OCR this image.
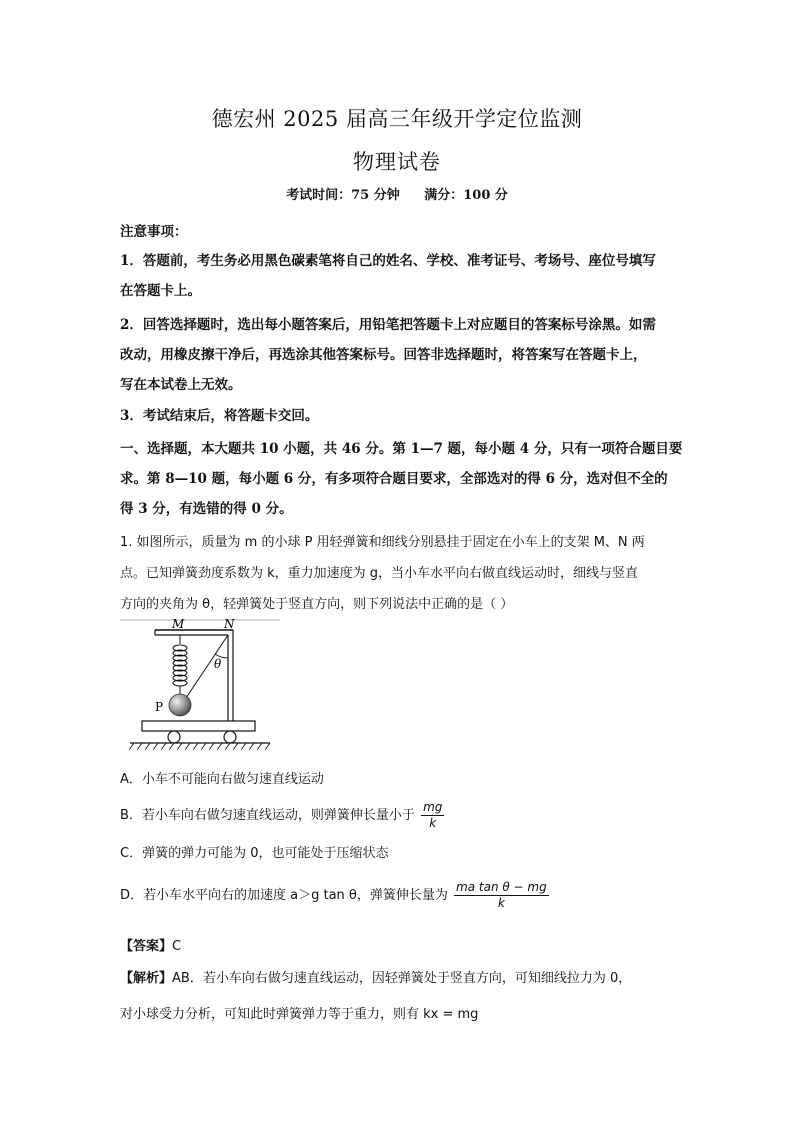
德宏州 2025 届高三年级开学定位监测
物理试卷
考试时间：75 分钟 满分：100 分
注意事项：
1．答题前，考生务必用黑色碳素笔将自己的姓名、学校、准考证号、考场号、座位号填写
在答题卡上。
2．回答选择题时，选出每小题答案后，用铅笔把答题卡上对应题目的答案标号涂黑。如需
改动，用橡皮擦干净后，再选涂其他答案标号。回答非选择题时，将答案写在答题卡上，
写在本试卷上无效。
3．考试结束后，将答题卡交回。
一、选择题，本大题共 10 小题，共 46 分。第 1—7 题，每小题 4 分，只有一项符合题目要
求。第 8—10 题，每小题 6 分，有多项符合题目要求，全部选对的得 6 分，选对但不全的
得 3 分，有选错的得 0 分。
1. 如图所示，质量为 m 的小球 P 用轻弹簧和细线分别悬挂于固定在小车上的支架 M、N 两
点。已知弹簧劲度系数为 k，重力加速度为 g，当小车水平向右做直线运动时，细线与竖直
方向的夹角为 θ，轻弹簧处于竖直方向，则下列说法中正确的是（ ）
M	N
θ
P
A．小车不可能向右做匀速直线运动
B．若小车向右做匀速直线运动，则弹簧伸长量小于 $\frac{mg}{k}$
C．弹簧的弹力可能为 0，也可能处于压缩状态
D．若小车水平向右的加速度 a＞g tan θ，弹簧伸长量为 $\frac{\text{ma tan θ − mg}}{k}$
【答案】C
【解析】AB．若小车向右做匀速直线运动，因轻弹簧处于竖直方向，可知细线拉力为 0，
对小球受力分析，可知此时弹簧弹力等于重力，则有 kx = mg
